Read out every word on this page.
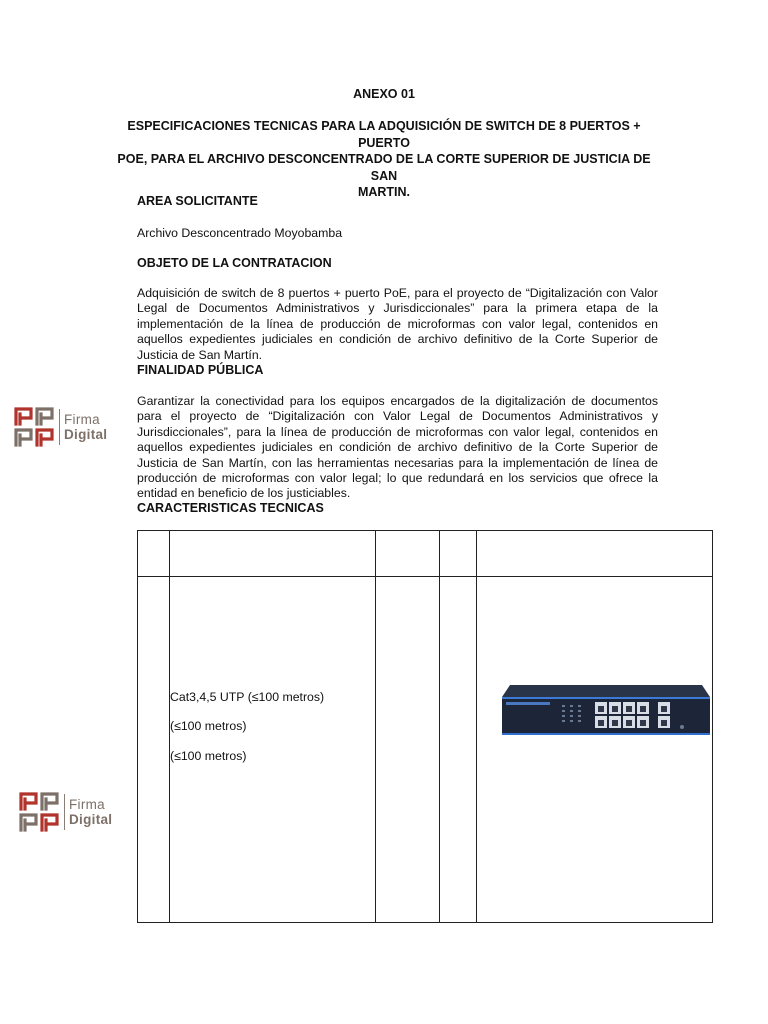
ANEXO 01
ESPECIFICACIONES TECNICAS PARA LA ADQUISICIÓN DE SWITCH DE 8 PUERTOS + PUERTO
POE, PARA EL ARCHIVO DESCONCENTRADO DE LA CORTE SUPERIOR DE JUSTICIA DE SAN
MARTIN.
AREA SOLICITANTE
Archivo Desconcentrado Moyobamba
OBJETO DE LA CONTRATACION
Adquisición de switch de 8 puertos + puerto PoE, para el proyecto de “Digitalización con Valor Legal de Documentos Administrativos y Jurisdiccionales” para la primera etapa de la implementación de la línea de producción de microformas con valor legal, contenidos en aquellos expedientes judiciales en condición de archivo definitivo de la Corte Superior de Justicia de San Martín.
FINALIDAD PÚBLICA
Garantizar la conectividad para los equipos encargados de la digitalización de documentos para el proyecto de “Digitalización con Valor Legal de Documentos Administrativos y Jurisdiccionales”, para la línea de producción de microformas con valor legal, contenidos en aquellos expedientes judiciales en condición de archivo definitivo de la Corte Superior de Justicia de San Martín, con las herramientas necesarias para la implementación de línea de producción de microformas con valor legal; lo que redundará en los servicios que ofrece la entidad en beneficio de los justiciables.
CARACTERISTICAS TECNICAS
Firma
Digital
Cat3,4,5 UTP (≤100 metros)
(≤100 metros)
(≤100 metros)
Firma
Digital
